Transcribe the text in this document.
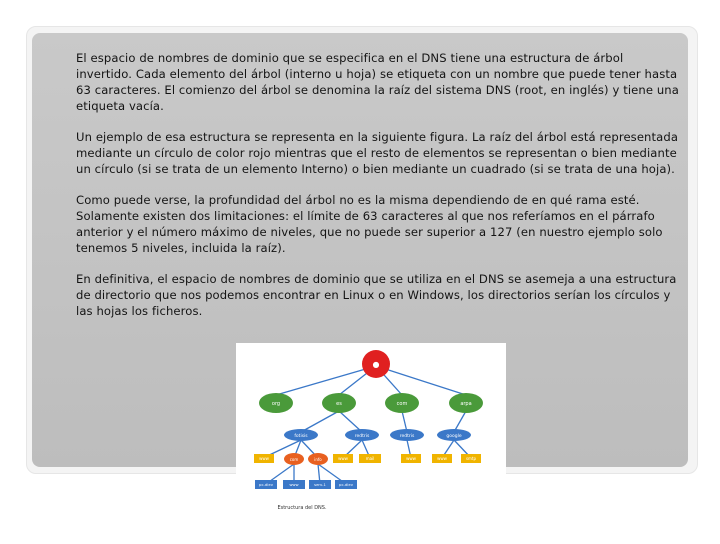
El espacio de nombres de dominio que se especifica en el DNS tiene una estructura de árbol invertido. Cada elemento del árbol (interno u hoja) se etiqueta con un nombre que puede tener hasta 63 caracteres. El comienzo del árbol se denomina la raíz del sistema DNS (root, en inglés) y tiene una etiqueta vacía.

Un ejemplo de esa estructura se representa en la siguiente figura. La raíz del árbol está representada mediante un círculo de color rojo mientras que el resto de elementos se representan o bien mediante un círculo (si se trata de un elemento Interno) o bien mediante un cuadrado (si se trata de una hoja).

Como puede verse, la profundidad del árbol no es la misma dependiendo de en qué rama esté. Solamente existen dos limitaciones: el límite de 63 caracteres al que nos referíamos en el párrafo anterior y el número máximo de niveles, que no puede ser superior a 127 (en nuestro ejemplo solo tenemos 5 niveles, incluida la raíz).

En definitiva, el espacio de nombres de dominio que se utiliza en el DNS se asemeja a una estructura de directorio que nos podemos encontrar en Linux o en Windows, los directorios serían los círculos y las hojas los ficheros.

●
org	es	com	arpa
fotisis	redtris	redtris	google
www	com	info	www	mail	www	www	smtp
pc-dlev	www	serv-1	pc-dlev
Estructura del DNS.
